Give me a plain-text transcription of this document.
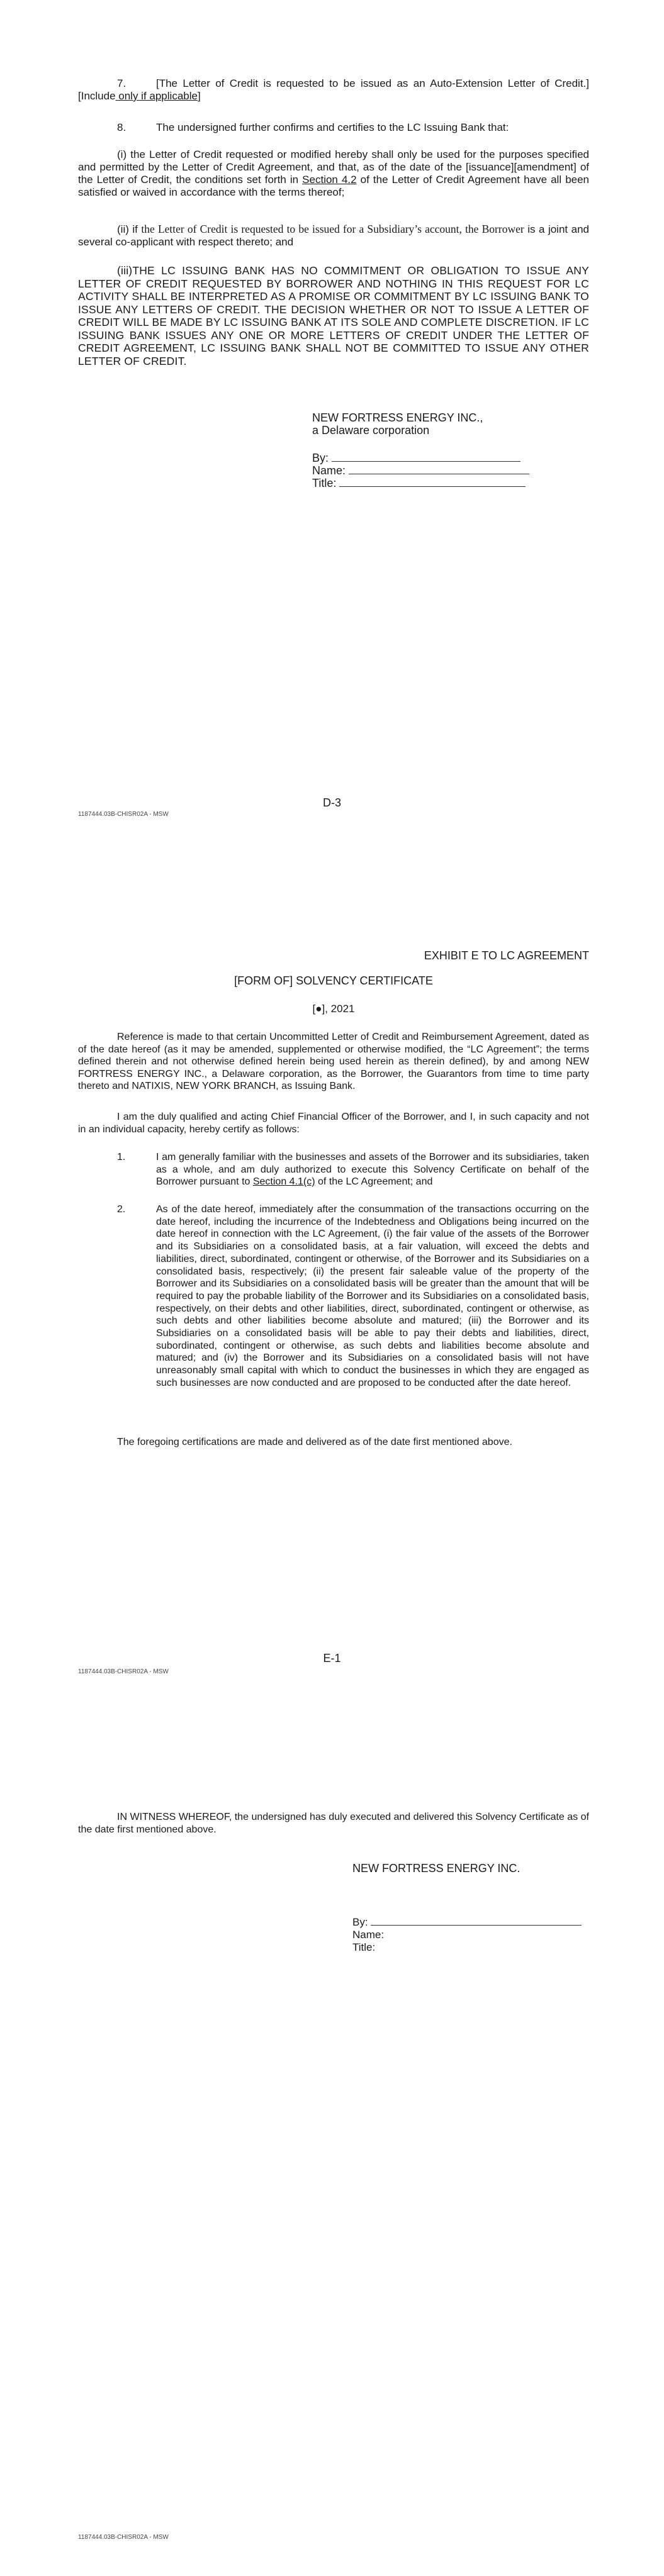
7.	[The Letter of Credit is requested to be issued as an Auto-Extension Letter of Credit.][Include only if applicable]
8.	The undersigned further confirms and certifies to the LC Issuing Bank that:
(i) the Letter of Credit requested or modified hereby shall only be used for the purposes specified and permitted by the Letter of Credit Agreement, and that, as of the date of the [issuance][amendment] of the Letter of Credit, the conditions set forth in Section 4.2 of the Letter of Credit Agreement have all been satisfied or waived in accordance with the terms thereof;
(ii) if the Letter of Credit is requested to be issued for a Subsidiary’s account, the Borrower is a joint and several co-applicant with respect thereto; and
(iii)THE LC ISSUING BANK HAS NO COMMITMENT OR OBLIGATION TO ISSUE ANY LETTER OF CREDIT REQUESTED BY BORROWER AND NOTHING IN THIS REQUEST FOR LC ACTIVITY SHALL BE INTERPRETED AS A PROMISE OR COMMITMENT BY LC ISSUING BANK TO ISSUE ANY LETTERS OF CREDIT. THE DECISION WHETHER OR NOT TO ISSUE A LETTER OF CREDIT WILL BE MADE BY LC ISSUING BANK AT ITS SOLE AND COMPLETE DISCRETION. IF LC ISSUING BANK ISSUES ANY ONE OR MORE LETTERS OF CREDIT UNDER THE LETTER OF CREDIT AGREEMENT, LC ISSUING BANK SHALL NOT BE COMMITTED TO ISSUE ANY OTHER LETTER OF CREDIT.
NEW FORTRESS ENERGY INC.,
a Delaware corporation
By:
Name:
Title:
D-3
1187444.03B-CHISR02A - MSW
EXHIBIT E TO LC AGREEMENT
[FORM OF] SOLVENCY CERTIFICATE
[●], 2021
Reference is made to that certain Uncommitted Letter of Credit and Reimbursement Agreement, dated as of the date hereof (as it may be amended, supplemented or otherwise modified, the “LC Agreement”; the terms defined therein and not otherwise defined herein being used herein as therein defined), by and among NEW FORTRESS ENERGY INC., a Delaware corporation, as the Borrower, the Guarantors from time to time party thereto and NATIXIS, NEW YORK BRANCH, as Issuing Bank.
I am the duly qualified and acting Chief Financial Officer of the Borrower, and I, in such capacity and not in an individual capacity, hereby certify as follows:
1.	I am generally familiar with the businesses and assets of the Borrower and its subsidiaries, taken as a whole, and am duly authorized to execute this Solvency Certificate on behalf of the Borrower pursuant to Section 4.1(c) of the LC Agreement; and
2.	As of the date hereof, immediately after the consummation of the transactions occurring on the date hereof, including the incurrence of the Indebtedness and Obligations being incurred on the date hereof in connection with the LC Agreement, (i) the fair value of the assets of the Borrower and its Subsidiaries on a consolidated basis, at a fair valuation, will exceed the debts and liabilities, direct, subordinated, contingent or otherwise, of the Borrower and its Subsidiaries on a consolidated basis, respectively; (ii) the present fair saleable value of the property of the Borrower and its Subsidiaries on a consolidated basis will be greater than the amount that will be required to pay the probable liability of the Borrower and its Subsidiaries on a consolidated basis, respectively, on their debts and other liabilities, direct, subordinated, contingent or otherwise, as such debts and other liabilities become absolute and matured; (iii) the Borrower and its Subsidiaries on a consolidated basis will be able to pay their debts and liabilities, direct, subordinated, contingent or otherwise, as such debts and liabilities become absolute and matured; and (iv) the Borrower and its Subsidiaries on a consolidated basis will not have unreasonably small capital with which to conduct the businesses in which they are engaged as such businesses are now conducted and are proposed to be conducted after the date hereof.
The foregoing certifications are made and delivered as of the date first mentioned above.
E-1
1187444.03B-CHISR02A - MSW
IN WITNESS WHEREOF, the undersigned has duly executed and delivered this Solvency Certificate as of the date first mentioned above.
NEW FORTRESS ENERGY INC.
By:
Name:
Title:
1187444.03B-CHISR02A - MSW
